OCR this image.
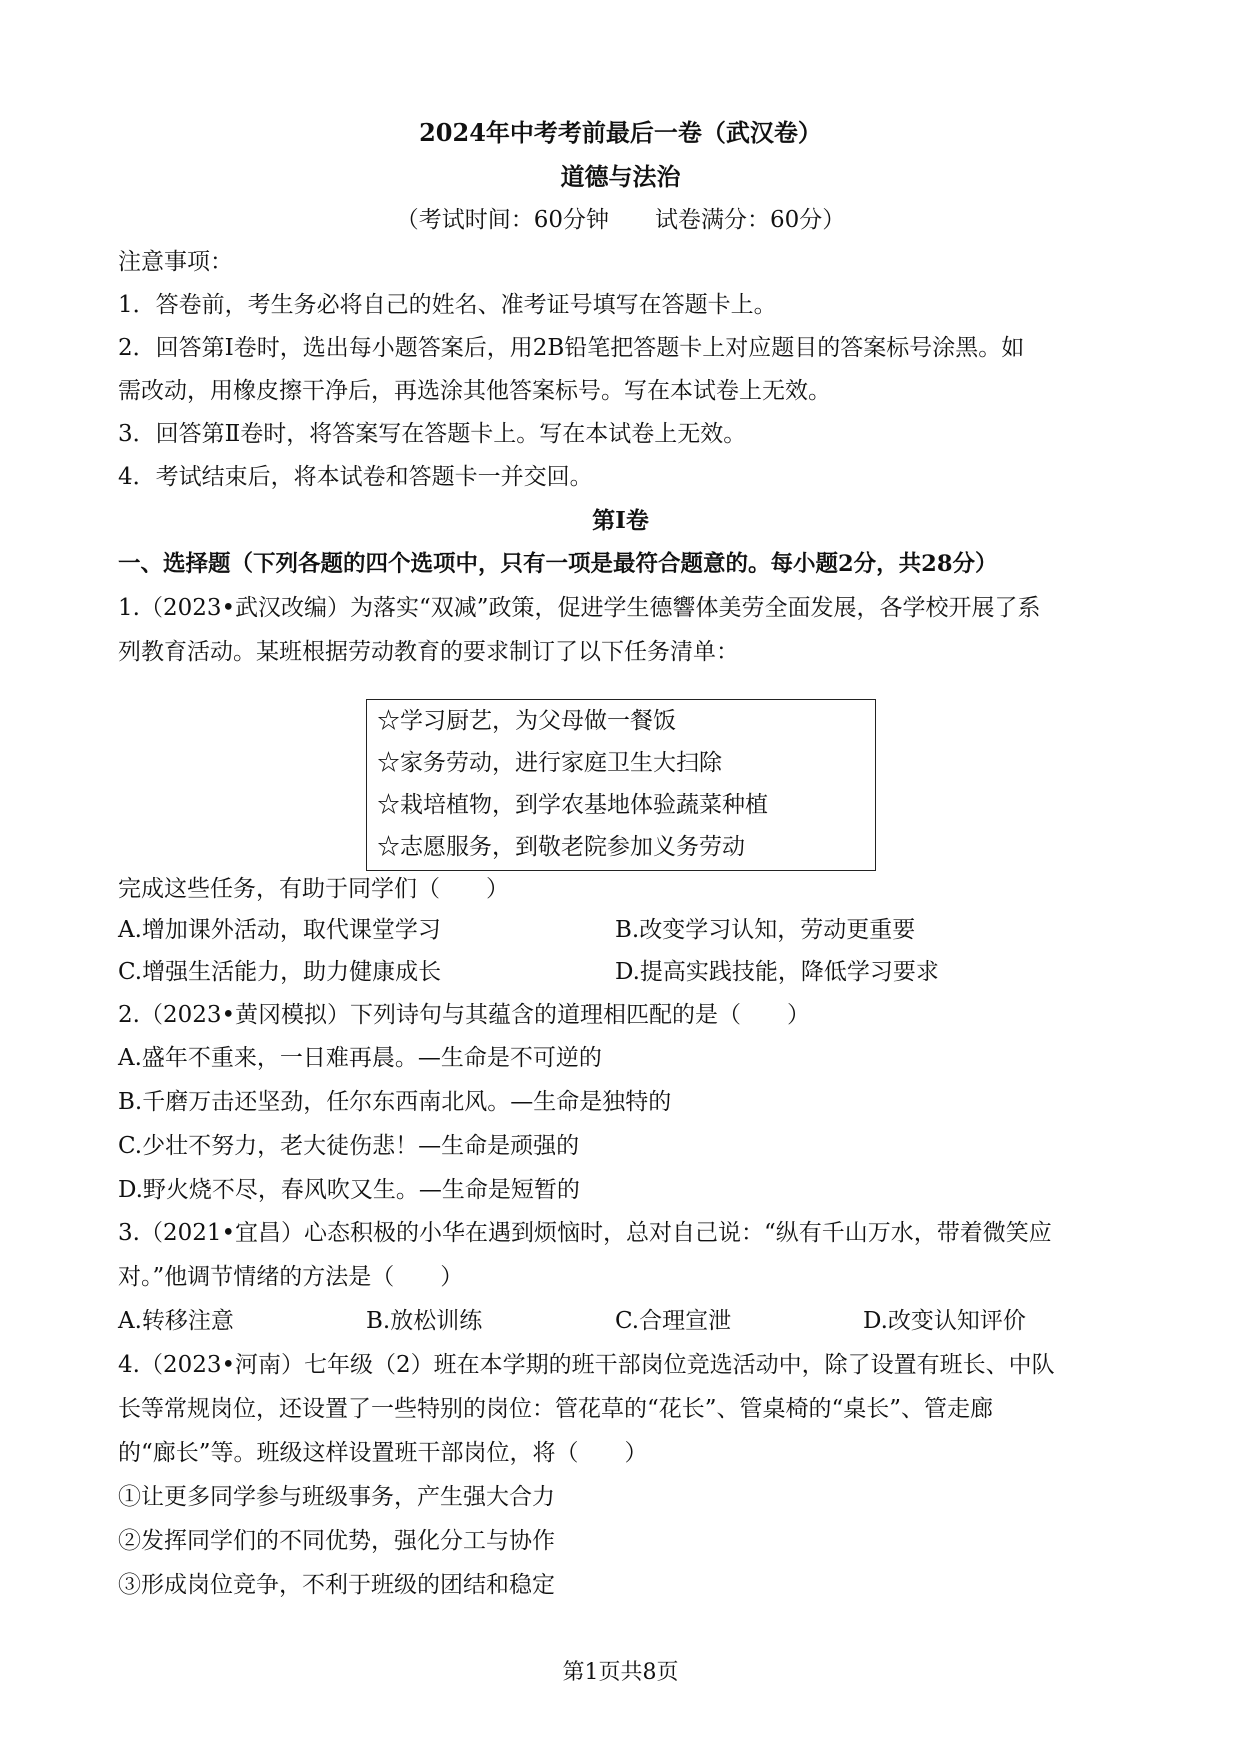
2024年中考考前最后一卷（武汉卷）
道德与法治
（考试时间：60分钟　　试卷满分：60分）
注意事项：
1．答卷前，考生务必将自己的姓名、准考证号填写在答题卡上。
2．回答第Ⅰ卷时，选出每小题答案后，用2B铅笔把答题卡上对应题目的答案标号涂黑。如
需改动，用橡皮擦干净后，再选涂其他答案标号。写在本试卷上无效。
3．回答第Ⅱ卷时，将答案写在答题卡上。写在本试卷上无效。
4．考试结束后，将本试卷和答题卡一并交回。
第Ⅰ卷
一、选择题（下列各题的四个选项中，只有一项是最符合题意的。每小题2分，共28分）
1.（2023•武汉改编）为落实“双减”政策，促进学生德響体美劳全面发展，各学校开展了系
列教育活动。某班根据劳动教育的要求制订了以下任务清单：
☆学习厨艺，为父母做一餐饭
☆家务劳动，进行家庭卫生大扫除
☆栽培植物，到学农基地体验蔬菜种植
☆志愿服务，到敬老院参加义务劳动
完成这些任务，有助于同学们（　　）
A.增加课外活动，取代课堂学习	B.改变学习认知，劳动更重要
C.增强生活能力，助力健康成长	D.提高实践技能，降低学习要求
2.（2023•黄冈模拟）下列诗句与其蕴含的道理相匹配的是（　　）
A.盛年不重来，一日难再晨。—生命是不可逆的
B.千磨万击还坚劲，任尔东西南北风。—生命是独特的
C.少壮不努力，老大徒伤悲！—生命是顽强的
D.野火烧不尽，春风吹又生。—生命是短暂的
3.（2021•宜昌）心态积极的小华在遇到烦恼时，总对自己说：“纵有千山万水，带着微笑应
对。”他调节情绪的方法是（　　）
A.转移注意	B.放松训练	C.合理宣泄	D.改变认知评价
4.（2023•河南）七年级（2）班在本学期的班干部岗位竞选活动中，除了设置有班长、中队
长等常规岗位，还设置了一些特别的岗位：管花草的“花长”、管桌椅的“桌长”、管走廊
的“廊长”等。班级这样设置班干部岗位，将（　　）
①让更多同学参与班级事务，产生强大合力
②发挥同学们的不同优势，强化分工与协作
③形成岗位竞争，不利于班级的团结和稳定
第1页共8页
